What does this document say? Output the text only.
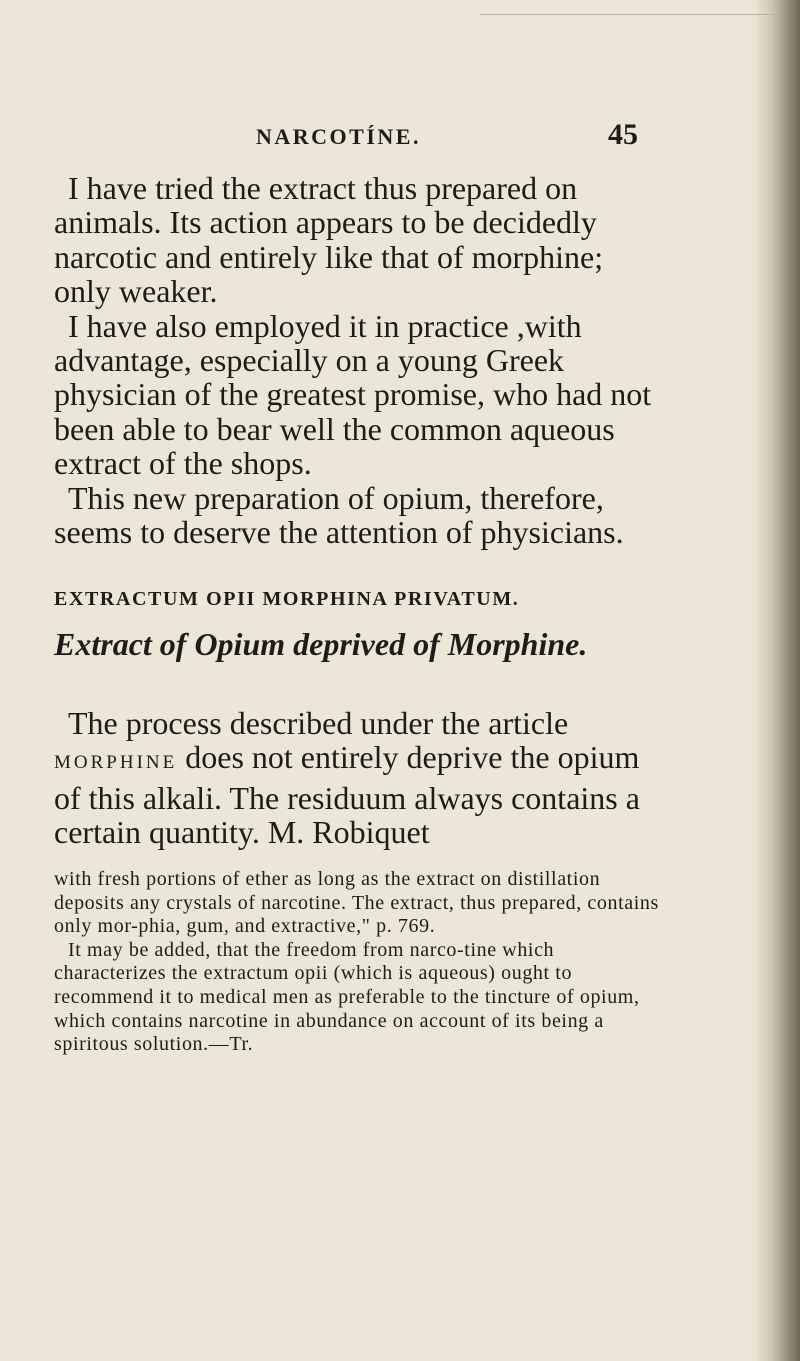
NARCOTÍNE.	45

I have tried the extract thus prepared on animals. Its action appears to be decidedly narcotic and entirely like that of morphine; only weaker.

I have also employed it in practice ,with advantage, especially on a young Greek physician of the greatest promise, who had not been able to bear well the common aqueous extract of the shops.

This new preparation of opium, therefore, seems to deserve the attention of physicians.

EXTRACTUM OPII MORPHINA PRIVATUM.
Extract of Opium deprived of Morphine.

The process described under the article MORPHINE does not entirely deprive the opium of this alkali. The residuum always contains a certain quantity. M. Robiquet

with fresh portions of ether as long as the extract on distillation deposits any crystals of narcotine. The extract, thus prepared, contains only mor-phia, gum, and extractive," p. 769.

It may be added, that the freedom from narco-tine which characterizes the extractum opii (which is aqueous) ought to recommend it to medical men as preferable to the tincture of opium, which contains narcotine in abundance on account of its being a spiritous solution.—Tr.
